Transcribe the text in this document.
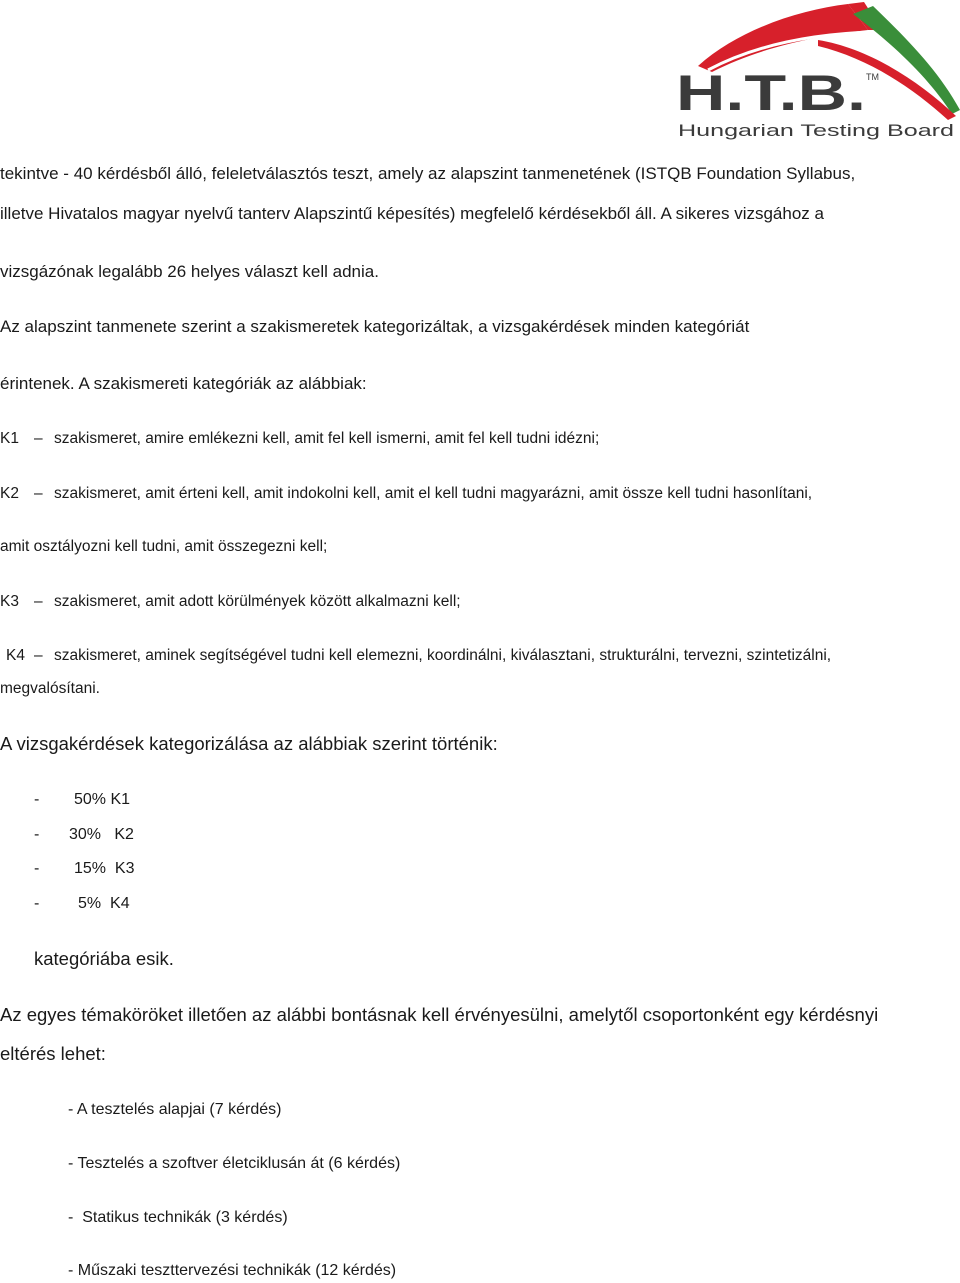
H.T.B. TM
Hungarian Testing Board
tekintve - 40 kérdésből álló, feleletválasztós teszt, amely az alapszint tanmenetének (ISTQB Foundation Syllabus,
illetve Hivatalos magyar nyelvű tanterv Alapszintű képesítés) megfelelő kérdésekből áll. A sikeres vizsgához a
vizsgázónak legalább 26 helyes választ kell adnia.
Az alapszint tanmenete szerint a szakismeretek kategorizáltak, a vizsgakérdések minden kategóriát
érintenek. A szakismereti kategóriák az alábbiak:
K1 – szakismeret, amire emlékezni kell, amit fel kell ismerni, amit fel kell tudni idézni;
K2 – szakismeret, amit érteni kell, amit indokolni kell, amit el kell tudni magyarázni, amit össze kell tudni hasonlítani,
amit osztályozni kell tudni, amit összegezni kell;
K3 – szakismeret, amit adott körülmények között alkalmazni kell;
K4 – szakismeret, aminek segítségével tudni kell elemezni, koordinálni, kiválasztani, strukturálni, tervezni, szintetizálni,
megvalósítani.
A vizsgakérdések kategorizálása az alábbiak szerint történik:
- 50% K1
- 30%   K2
- 15%  K3
- 5%  K4
kategóriába esik.
Az egyes témaköröket illetően az alábbi bontásnak kell érvényesülni, amelytől csoportonként egy kérdésnyi
eltérés lehet:
- A tesztelés alapjai (7 kérdés)
- Tesztelés a szoftver életciklusán át (6 kérdés)
-  Statikus technikák (3 kérdés)
- Műszaki teszttervezési technikák (12 kérdés)
